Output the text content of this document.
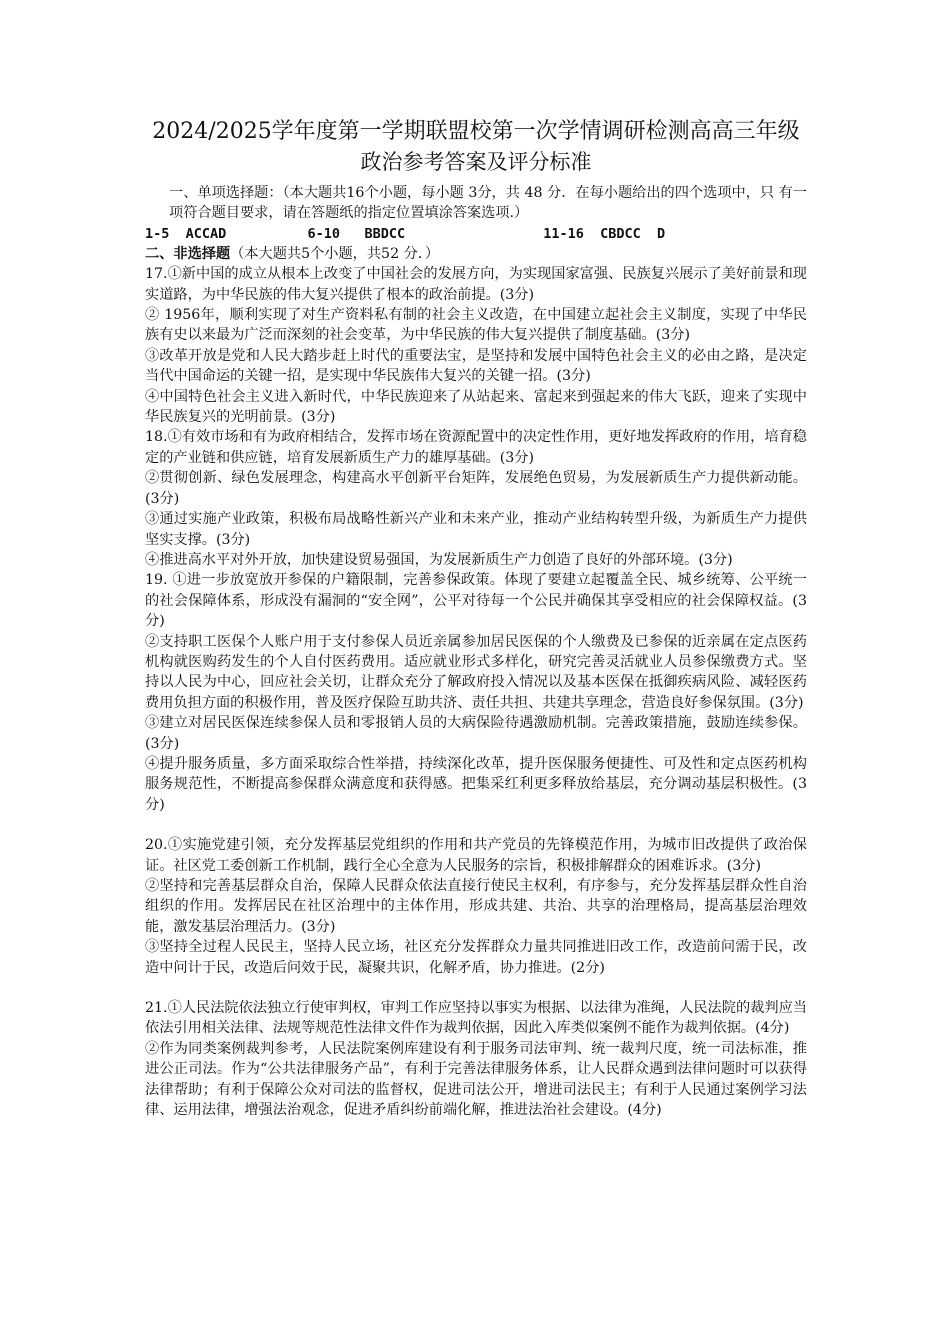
2024/2025学年度第一学期联盟校第一次学情调研检测高高三年级

政治参考答案及评分标准

一、单项选择题：（本大题共16个小题，每小题 3分，共 48 分．在每小题给出的四个选项中，只 有一项符合题目要求，请在答题纸的指定位置填涂答案选项.）

1-5  ACCAD          6-10   BBDCC                 11-16  CBDCC  D

二、非选择题（本大题共5个小题，共52 分．）

17.①新中国的成立从根本上改变了中国社会的发展方向，为实现国家富强、民族复兴展示了美好前景和现实道路，为中华民族的伟大复兴提供了根本的政治前提。(3分)

② 1956年，顺利实现了对生产资料私有制的社会主义改造，在中国建立起社会主义制度，实现了中华民族有史以来最为广泛而深刻的社会变革，为中华民族的伟大复兴提供了制度基础。(3分)

③改革开放是党和人民大踏步赶上时代的重要法宝，是坚持和发展中国特色社会主义的必由之路，是决定当代中国命运的关键一招，是实现中华民族伟大复兴的关键一招。(3分)

④中国特色社会主义进入新时代，中华民族迎来了从站起来、富起来到强起来的伟大飞跃，迎来了实现中华民族复兴的光明前景。(3分)

18.①有效市场和有为政府相结合，发挥市场在资源配置中的决定性作用，更好地发挥政府的作用，培育稳定的产业链和供应链，培育发展新质生产力的雄厚基础。(3分)

②贯彻创新、绿色发展理念，构建高水平创新平台矩阵，发展绝色贸易，为发展新质生产力提供新动能。(3分)

③通过实施产业政策，积极布局战略性新兴产业和未来产业，推动产业结构转型升级，为新质生产力提供坚实支撑。(3分)

④推进高水平对外开放，加快建设贸易强国，为发展新质生产力创造了良好的外部环境。(3分)

19. ①进一步放宽放开参保的户籍限制，完善参保政策。体现了要建立起覆盖全民、城乡统筹、公平统一的社会保障体系，形成没有漏洞的“安全网”，公平对待每一个公民并确保其享受相应的社会保障权益。(3分)

②支持职工医保个人账户用于支付参保人员近亲属参加居民医保的个人缴费及已参保的近亲属在定点医药机构就医购药发生的个人自付医药费用。适应就业形式多样化，研究完善灵活就业人员参保缴费方式。坚持以人民为中心，回应社会关切，让群众充分了解政府投入情况以及基本医保在抵御疾病风险、减轻医药费用负担方面的积极作用，普及医疗保险互助共济、责任共担、共建共享理念，营造良好参保氛围。(3分)

③建立对居民医保连续参保人员和零报销人员的大病保险待遇激励机制。完善政策措施，鼓励连续参保。(3分)

④提升服务质量，多方面采取综合性举措，持续深化改革，提升医保服务便捷性、可及性和定点医药机构服务规范性，不断提高参保群众满意度和获得感。把集采红利更多释放给基层，充分调动基层积极性。(3分)

20.①实施党建引领，充分发挥基层党组织的作用和共产党员的先锋模范作用，为城市旧改提供了政治保证。社区党工委创新工作机制，践行全心全意为人民服务的宗旨，积极排解群众的困难诉求。(3分)

②坚持和完善基层群众自治，保障人民群众依法直接行使民主权利，有序参与，充分发挥基层群众性自治组织的作用。发挥居民在社区治理中的主体作用，形成共建、共治、共享的治理格局，提高基层治理效能，激发基层治理活力。(3分)

③坚持全过程人民民主，坚持人民立场，社区充分发挥群众力量共同推进旧改工作，改造前问需于民，改造中问计于民，改造后问效于民，凝聚共识，化解矛盾，协力推进。(2分)

21.①人民法院依法独立行使审判权，审判工作应坚持以事实为根据、以法律为准绳，人民法院的裁判应当依法引用相关法律、法规等规范性法律文件作为裁判依据，因此入库类似案例不能作为裁判依据。(4分)

②作为同类案例裁判参考，人民法院案例库建设有利于服务司法审判、统一裁判尺度，统一司法标准，推进公正司法。作为“公共法律服务产品”，有利于完善法律服务体系，让人民群众遇到法律问题时可以获得法律帮助；有利于保障公众对司法的监督权，促进司法公开，增进司法民主；有利于人民通过案例学习法律、运用法律，增强法治观念，促进矛盾纠纷前端化解，推进法治社会建设。(4分)
